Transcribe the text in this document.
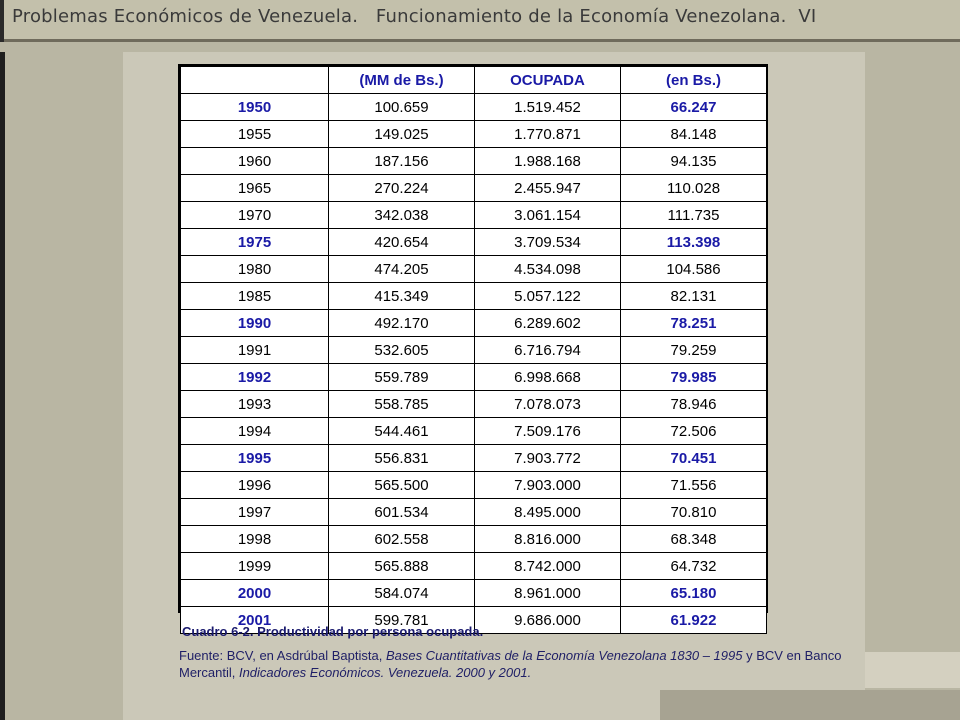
Problemas Económicos de Venezuela.   Funcionamiento de la Economía Venezolana.  VI
	(MM de Bs.)	OCUPADA	(en Bs.)
1950	100.659	1.519.452	66.247
1955	149.025	1.770.871	84.148
1960	187.156	1.988.168	94.135
1965	270.224	2.455.947	110.028
1970	342.038	3.061.154	111.735
1975	420.654	3.709.534	113.398
1980	474.205	4.534.098	104.586
1985	415.349	5.057.122	82.131
1990	492.170	6.289.602	78.251
1991	532.605	6.716.794	79.259
1992	559.789	6.998.668	79.985
1993	558.785	7.078.073	78.946
1994	544.461	7.509.176	72.506
1995	556.831	7.903.772	70.451
1996	565.500	7.903.000	71.556
1997	601.534	8.495.000	70.810
1998	602.558	8.816.000	68.348
1999	565.888	8.742.000	64.732
2000	584.074	8.961.000	65.180
2001	599.781	9.686.000	61.922
Cuadro 6-2. Productividad por persona ocupada.
Fuente: BCV, en Asdrúbal Baptista, Bases Cuantitativas de la Economía Venezolana 1830 – 1995 y BCV en Banco Mercantil, Indicadores Económicos. Venezuela. 2000 y 2001.
